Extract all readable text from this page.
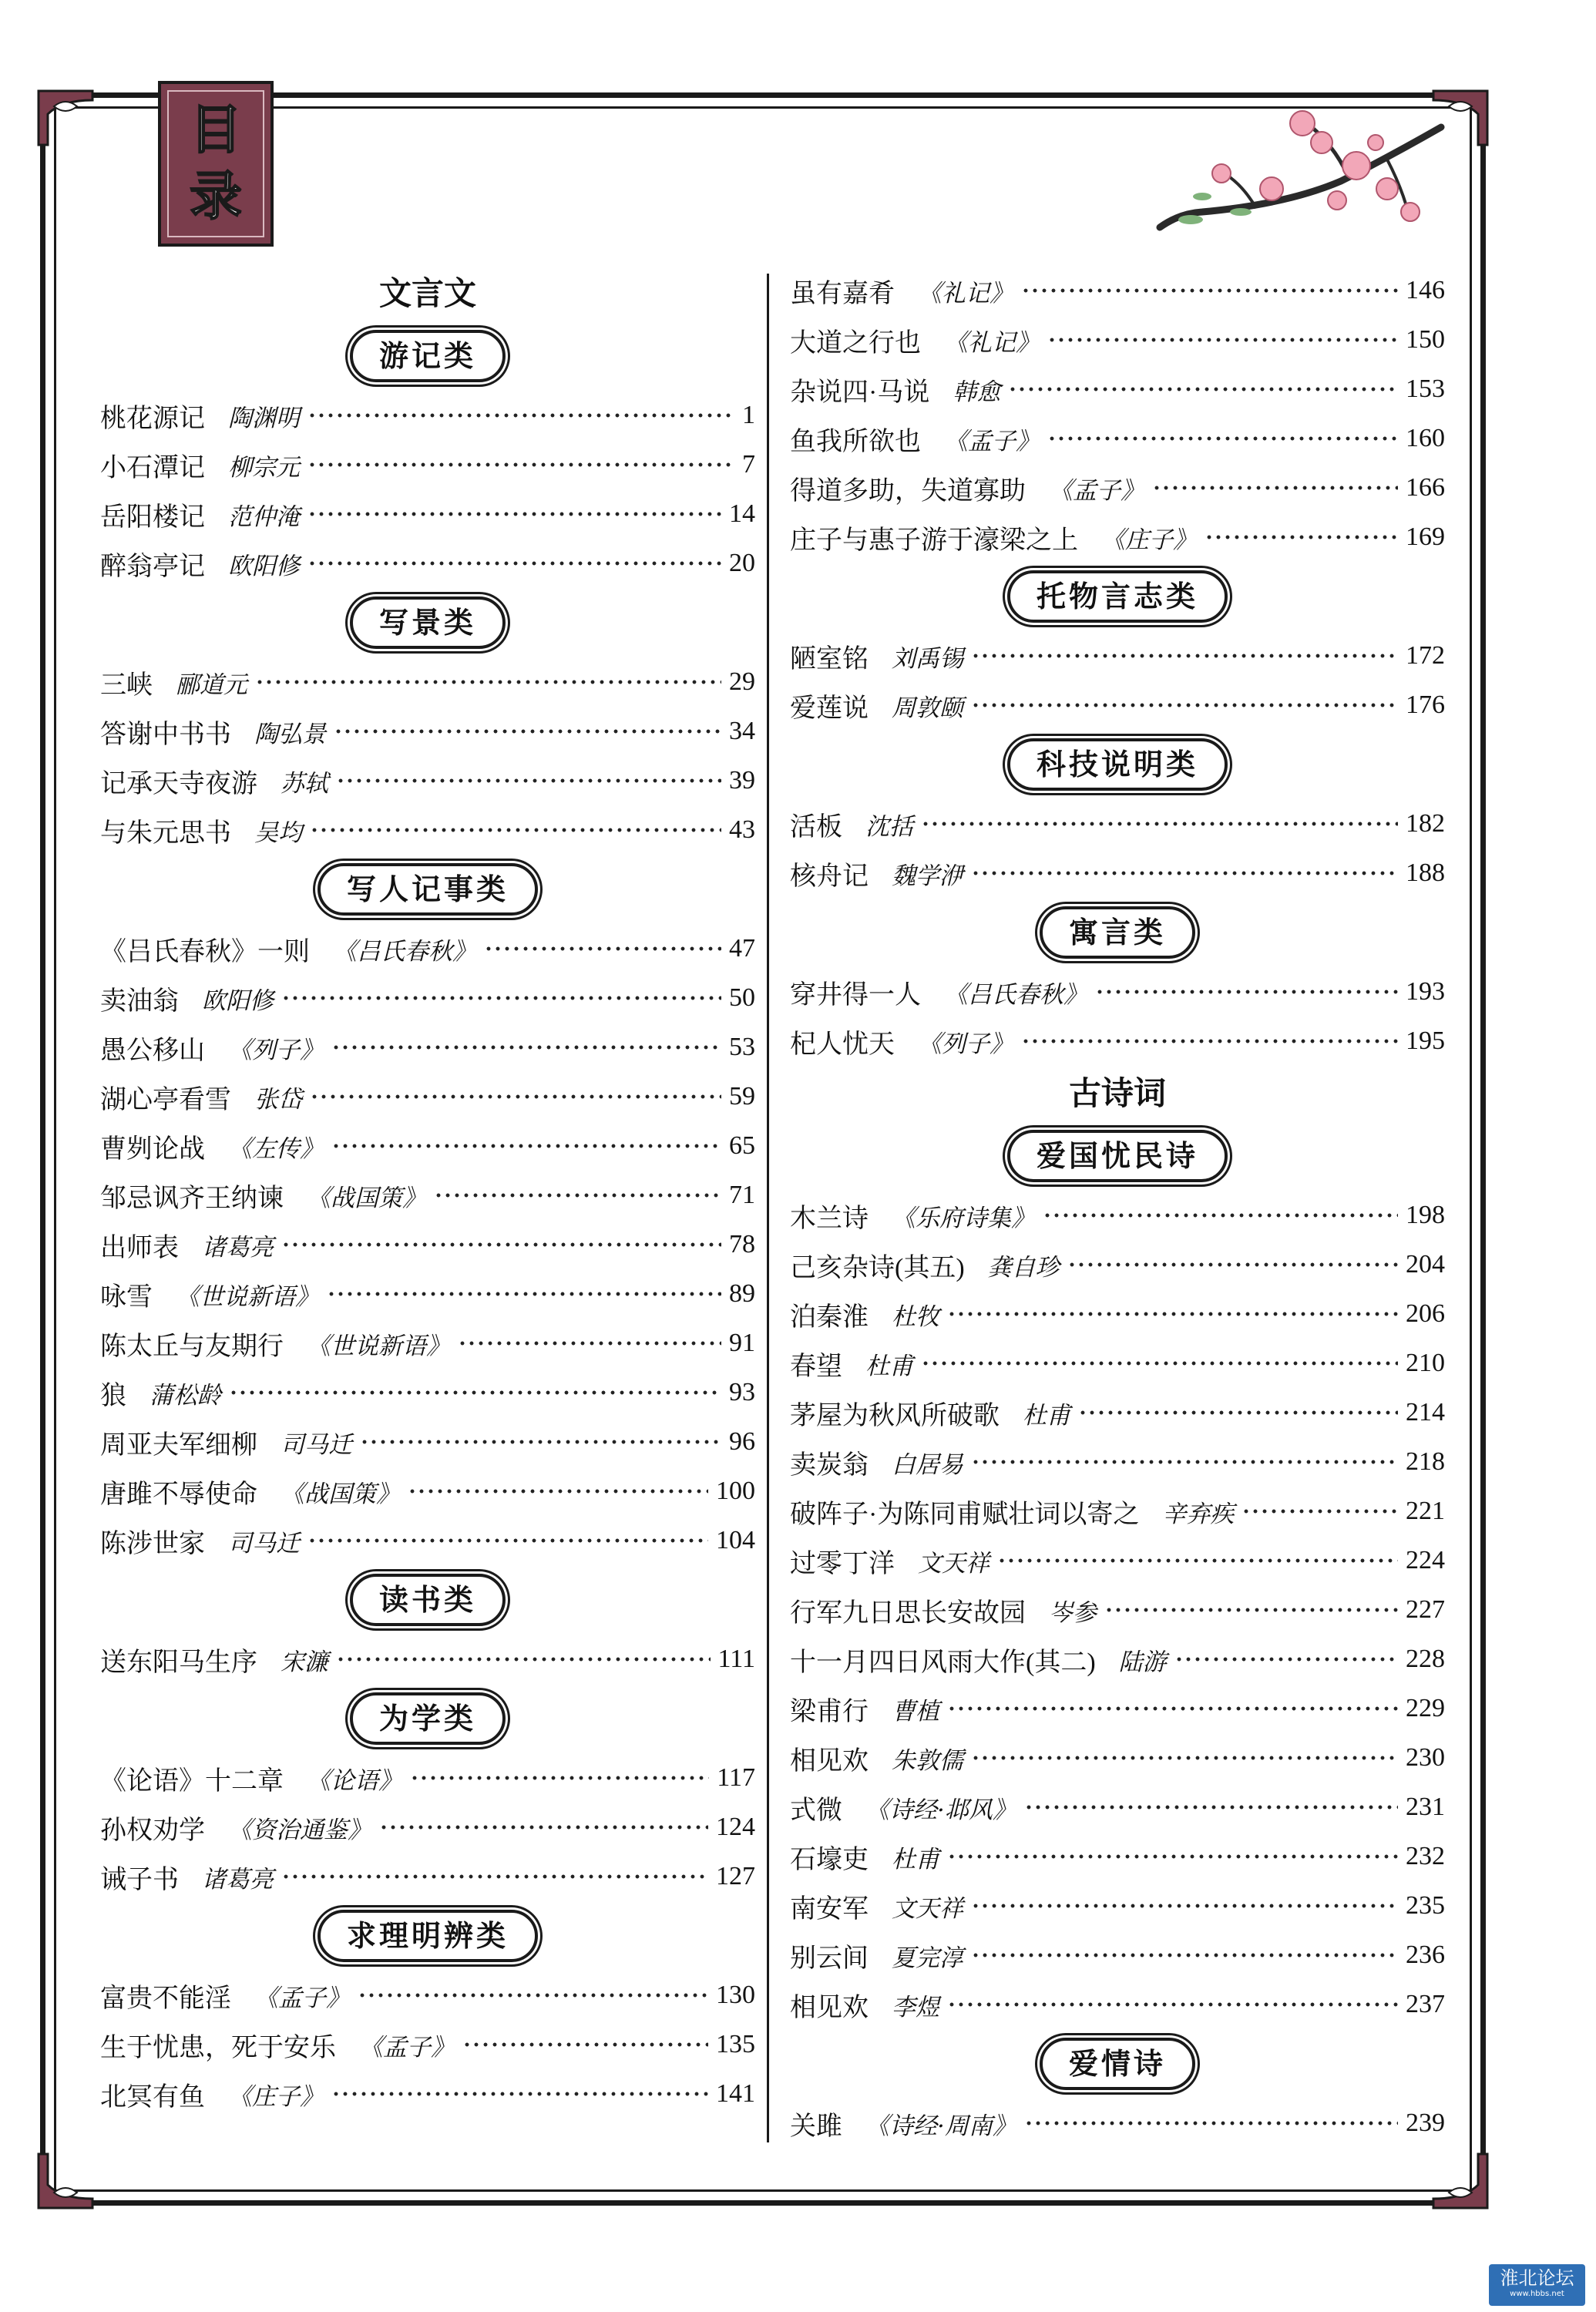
目
录
文言文
游记类
桃花源记 陶渊明	1
小石潭记 柳宗元	7
岳阳楼记 范仲淹	14
醉翁亭记 欧阳修	20
写景类
三峡 郦道元	29
答谢中书书 陶弘景	34
记承天寺夜游 苏轼	39
与朱元思书 吴均	43
写人记事类
《吕氏春秋》一则 《吕氏春秋》	47
卖油翁 欧阳修	50
愚公移山 《列子》	53
湖心亭看雪 张岱	59
曹刿论战 《左传》	65
邹忌讽齐王纳谏 《战国策》	71
出师表 诸葛亮	78
咏雪 《世说新语》	89
陈太丘与友期行 《世说新语》	91
狼 蒲松龄	93
周亚夫军细柳 司马迁	96
唐雎不辱使命 《战国策》	100
陈涉世家 司马迁	104
读书类
送东阳马生序 宋濂	111
为学类
《论语》十二章 《论语》	117
孙权劝学 《资治通鉴》	124
诫子书 诸葛亮	127
求理明辨类
富贵不能淫 《孟子》	130
生于忧患，死于安乐 《孟子》	135
北冥有鱼 《庄子》	141
虽有嘉肴 《礼记》	146
大道之行也 《礼记》	150
杂说四·马说 韩愈	153
鱼我所欲也 《孟子》	160
得道多助，失道寡助 《孟子》	166
庄子与惠子游于濠梁之上 《庄子》	169
托物言志类
陋室铭 刘禹锡	172
爱莲说 周敦颐	176
科技说明类
活板 沈括	182
核舟记 魏学洢	188
寓言类
穿井得一人 《吕氏春秋》	193
杞人忧天 《列子》	195
古诗词
爱国忧民诗
木兰诗 《乐府诗集》	198
己亥杂诗(其五) 龚自珍	204
泊秦淮 杜牧	206
春望 杜甫	210
茅屋为秋风所破歌 杜甫	214
卖炭翁 白居易	218
破阵子·为陈同甫赋壮词以寄之 辛弃疾	221
过零丁洋 文天祥	224
行军九日思长安故园 岑参	227
十一月四日风雨大作(其二) 陆游	228
梁甫行 曹植	229
相见欢 朱敦儒	230
式微 《诗经·邶风》	231
石壕吏 杜甫	232
南安军 文天祥	235
别云间 夏完淳	236
相见欢 李煜	237
爱情诗
关雎 《诗经·周南》	239
淮北论坛
www.hbbs.net
